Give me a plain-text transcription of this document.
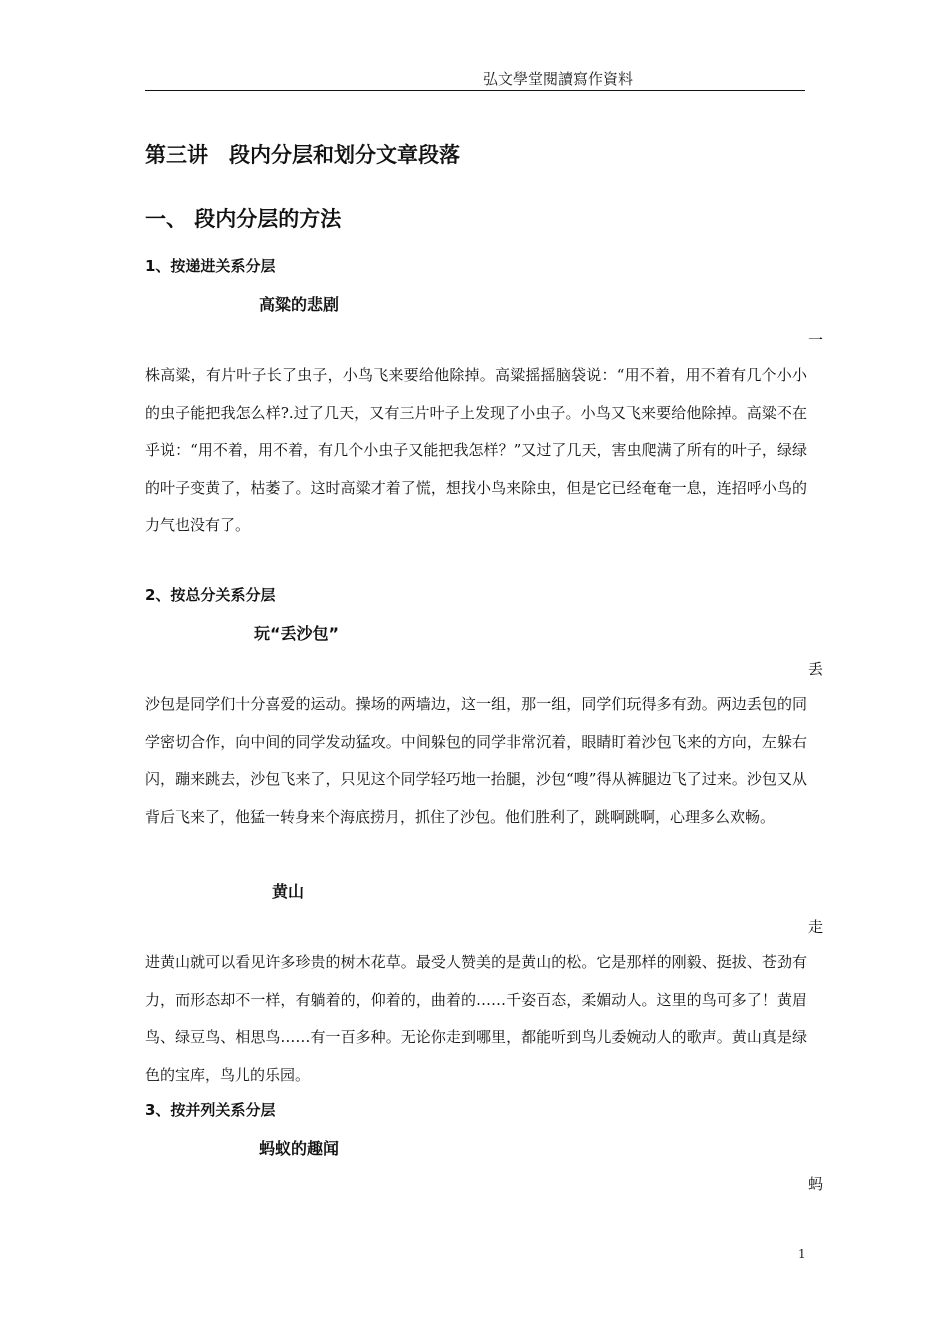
弘文學堂閱讀寫作資料
第三讲　段内分层和划分文章段落
一、 段内分层的方法
1、按递进关系分层
高粱的悲剧
一
株高粱，有片叶子长了虫子，小鸟飞来要给他除掉。高粱摇摇脑袋说：“用不着，用不着有几个小小的虫子能把我怎么样?.过了几天，又有三片叶子上发现了小虫子。小鸟又飞来要给他除掉。高粱不在乎说：“用不着，用不着，有几个小虫子又能把我怎样？”又过了几天，害虫爬满了所有的叶子，绿绿的叶子变黄了，枯萎了。这时高粱才着了慌，想找小鸟来除虫，但是它已经奄奄一息，连招呼小鸟的力气也没有了。
2、按总分关系分层
玩“丢沙包”
丢
沙包是同学们十分喜爱的运动。操场的两墙边，这一组，那一组，同学们玩得多有劲。两边丢包的同学密切合作，向中间的同学发动猛攻。中间躲包的同学非常沉着，眼睛盯着沙包飞来的方向，左躲右闪，蹦来跳去，沙包飞来了，只见这个同学轻巧地一抬腿，沙包“嗖”得从裤腿边飞了过来。沙包又从背后飞来了，他猛一转身来个海底捞月，抓住了沙包。他们胜利了，跳啊跳啊，心理多么欢畅。
黄山
走
进黄山就可以看见许多珍贵的树木花草。最受人赞美的是黄山的松。它是那样的刚毅、挺拔、苍劲有力，而形态却不一样，有躺着的，仰着的，曲着的……千姿百态，柔媚动人。这里的鸟可多了！黄眉鸟、绿豆鸟、相思鸟……有一百多种。无论你走到哪里，都能听到鸟儿委婉动人的歌声。黄山真是绿色的宝库，鸟儿的乐园。
3、按并列关系分层
蚂蚁的趣闻
蚂
1
